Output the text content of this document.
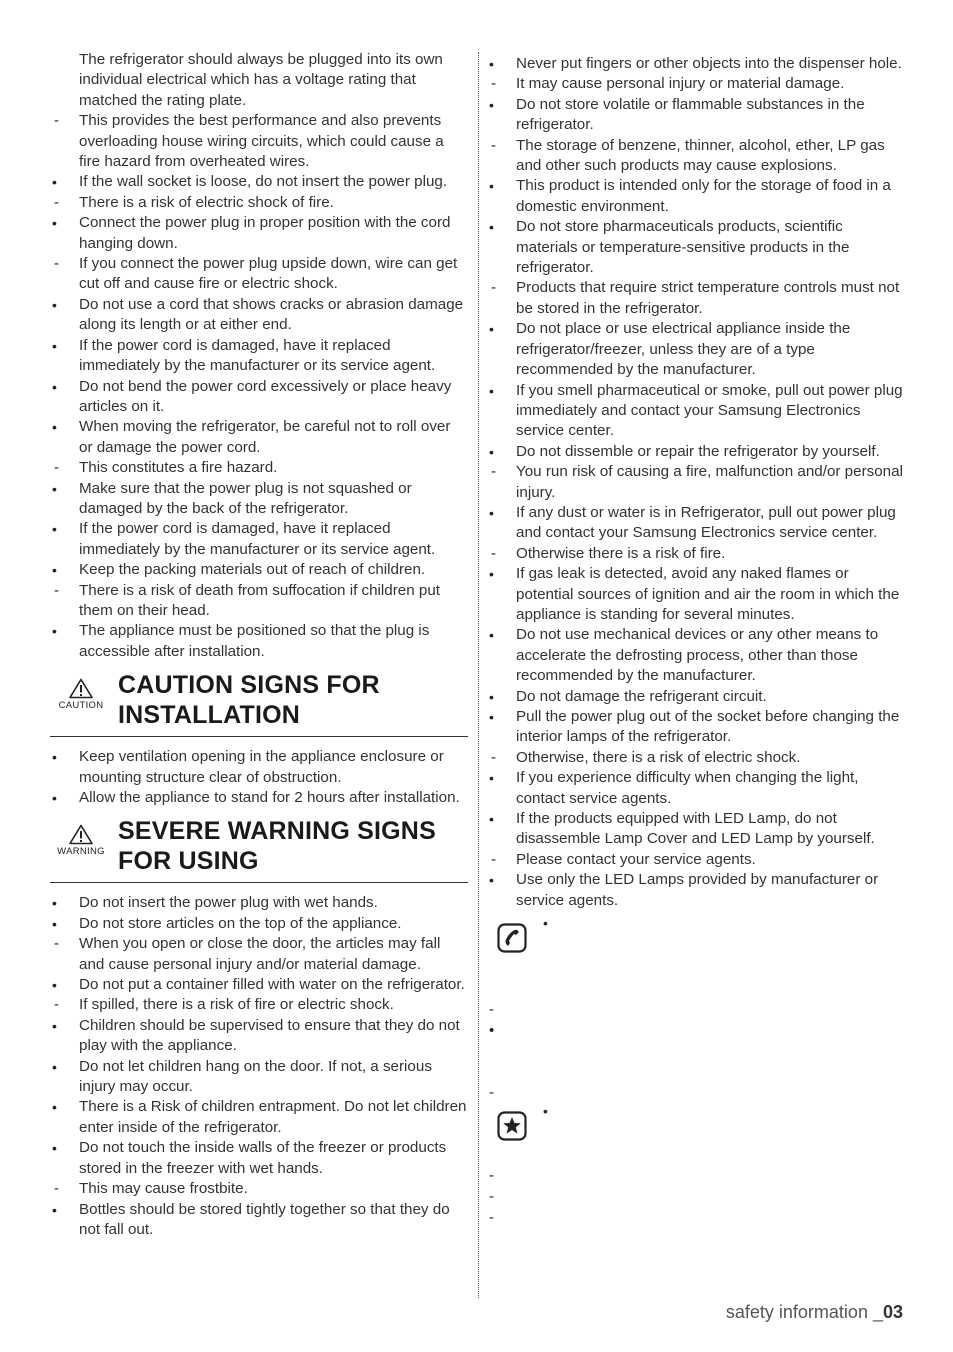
The refrigerator should always be plugged into its own individual electrical which has a voltage rating that matched the rating plate.
-	This provides the best performance and also prevents overloading house wiring circuits, which could cause a fire hazard from overheated wires.
•	If the wall socket is loose, do not insert the power plug.
-	There is a risk of electric shock of fire.
•	Connect the power plug in proper position with the cord hanging down.
-	If you connect the power plug upside down, wire can get cut off and cause fire or electric shock.
•	Do not use a cord that shows cracks or abrasion damage along its length or at either end.
•	If the power cord is damaged, have it replaced immediately by the manufacturer or its service agent.
•	Do not bend the power cord excessively or place heavy articles on it.
•	When moving the refrigerator, be careful not to roll over or damage the power cord.
-	This constitutes a fire hazard.
•	Make sure that the power plug is not squashed or damaged by the back of the refrigerator.
•	If the power cord is damaged, have it replaced immediately by the manufacturer or its service agent.
•	Keep the packing materials out of reach of children.
-	There is a risk of death from suffocation if children put them on their head.
•	The appliance must be positioned so that the plug is accessible after installation.
CAUTION
CAUTION SIGNS FOR
INSTALLATION
•	Keep ventilation opening in the appliance enclosure or mounting structure clear of obstruction.
•	Allow the appliance to stand for 2 hours after installation.
WARNING
SEVERE WARNING SIGNS
FOR USING
•	Do not insert the power plug with wet hands.
•	Do not store articles on the top of the appliance.
-	When you open or close the door, the articles may fall and cause personal injury and/or material damage.
•	Do not put a container filled with water on the refrigerator.
-	If spilled, there is a risk of fire or electric shock.
•	Children should be supervised to ensure that they do not play with the appliance.
•	Do not let children hang on the door. If not, a serious injury may occur.
•	There is a Risk of children entrapment. Do not let children enter inside of the refrigerator.
•	Do not touch the inside walls of the freezer or products stored in the freezer with wet hands.
-	This may cause frostbite.
•	Bottles should be stored tightly together so that they do not fall out.
•	Never put fingers or other objects into the dispenser hole.
-	It may cause personal injury or material damage.
•	Do not store volatile or flammable substances in the refrigerator.
-	The storage of benzene, thinner, alcohol, ether, LP gas and other such products may cause explosions.
•	This product is intended only for the storage of food in a domestic environment.
•	Do not store pharmaceuticals products, scientific materials or temperature-sensitive products in the refrigerator.
-	Products that require strict temperature controls must not be stored in the refrigerator.
•	Do not place or use electrical appliance inside the refrigerator/freezer, unless they are of a type recommended by the manufacturer.
•	If you smell pharmaceutical or smoke, pull out power plug immediately and contact your Samsung Electronics service center.
•	Do not dissemble or repair the refrigerator by yourself.
-	You run risk of causing a fire, malfunction and/or personal injury.
•	If any dust or water is in Refrigerator, pull out power plug and contact your Samsung Electronics service center.
-	Otherwise there is a risk of fire.
•	If gas leak is detected, avoid any naked flames or potential sources of ignition and air the room in which the appliance is standing for several minutes.
•	Do not use mechanical devices or any other means to accelerate the defrosting process, other than those recommended by the manufacturer.
•	Do not damage the refrigerant circuit.
•	Pull the power plug out of the socket before changing the interior lamps of the refrigerator.
-	Otherwise, there is a risk of electric shock.
•	If you experience difficulty when changing the light, contact service agents.
•	If the products equipped with LED Lamp, do not disassemble Lamp Cover and LED Lamp by yourself.
-	Please contact your service agents.
•	Use only the LED Lamps provided by manufacturer or service agents.
•
-
•
-
•
-
-
-
safety information _03
